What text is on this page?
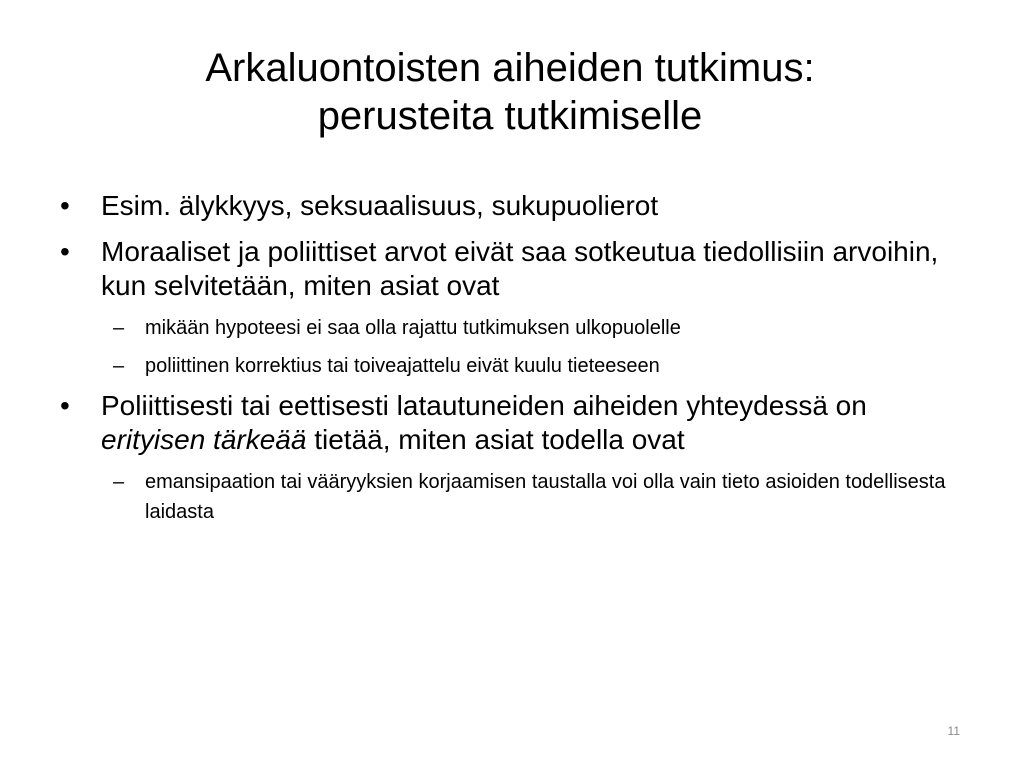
Arkaluontoisten aiheiden tutkimus:
perusteita tutkimiselle
•	Esim. älykkyys, seksuaalisuus, sukupuolierot
•	Moraaliset ja poliittiset arvot eivät saa sotkeutua tiedollisiin arvoihin, kun selvitetään, miten asiat ovat
– mikään hypoteesi ei saa olla rajattu tutkimuksen ulkopuolelle
– poliittinen korrektius tai toiveajattelu eivät kuulu tieteeseen
•	Poliittisesti tai eettisesti latautuneiden aiheiden yhteydessä on erityisen tärkeää tietää, miten asiat todella ovat
– emansipaation tai vääryyksien korjaamisen taustalla voi olla vain tieto asioiden todellisesta laidasta
11
